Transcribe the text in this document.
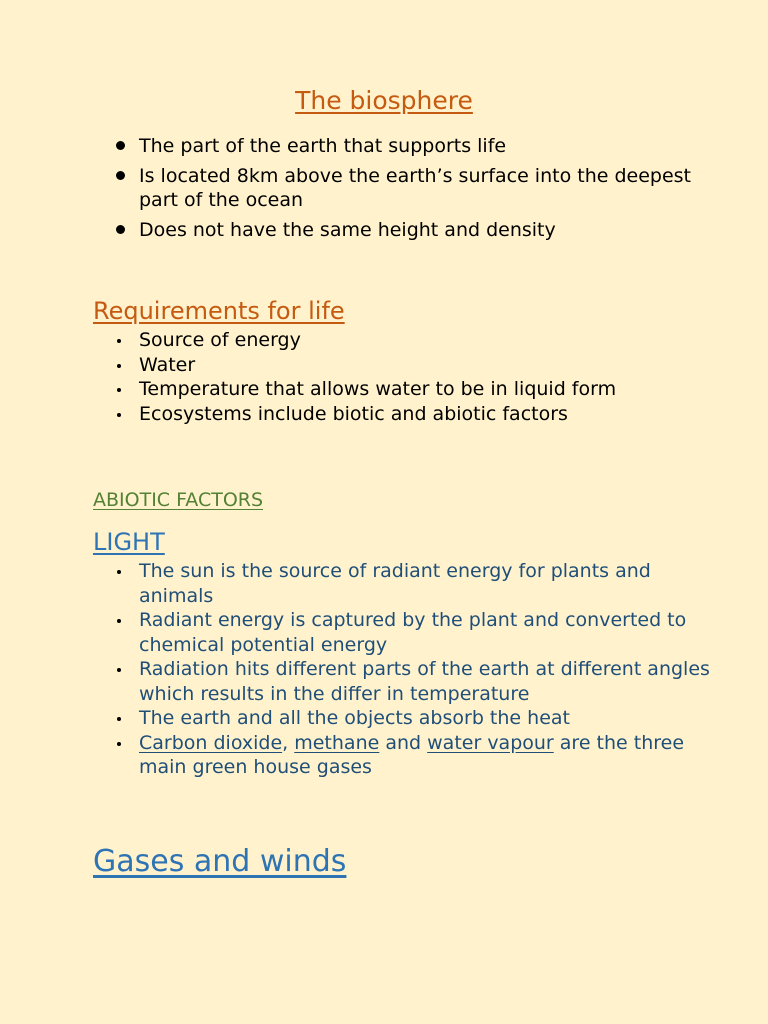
The biosphere
The part of the earth that supports life
Is located 8km above the earth’s surface into the deepest part of the ocean
Does not have the same height and density
Requirements for life
Source of energy
Water
Temperature that allows water to be in liquid form
Ecosystems include biotic and abiotic factors
ABIOTIC FACTORS
LIGHT
The sun is the source of radiant energy for plants and animals
Radiant energy is captured by the plant and converted to chemical potential energy
Radiation hits different parts of the earth at different angles which results in the differ in temperature
The earth and all the objects absorb the heat
Carbon dioxide, methane and water vapour are the three main green house gases
Gases and winds
